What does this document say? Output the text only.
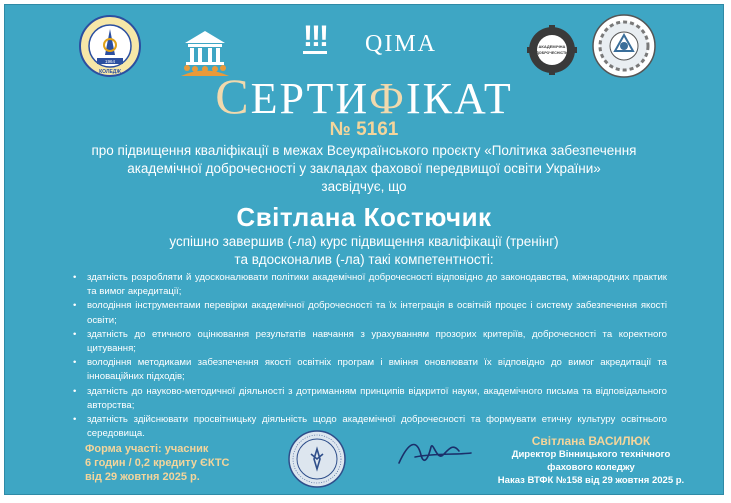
1964
КОЛЕДЖ
!!! QIMA	АКАДЕМІЧНА
ДОБРОЧЕСНІСТЬ
СЕРТИФІКАТ
№ 5161
про підвищення кваліфікації в межах Всеукраїнського проєкту «Політика забезпечення
академічної доброчесності у закладах фахової передвищої освіти України»
засвідчує, що
Світлана Костючик
успішно завершив (-ла) курс підвищення кваліфікації (тренінг)
та вдосконалив (-ла) такі компетентності:
• здатність розробляти й удосконалювати політики академічної доброчесності відповідно до законодавства, міжнародних практик та вимог акредитації;
• володіння інструментами перевірки академічної доброчесності та їх інтеграція в освітній процес і систему забезпечення якості освіти;
• здатність до етичного оцінювання результатів навчання з урахуванням прозорих критеріїв, доброчесності та коректного цитування;
• володіння методиками забезпечення якості освітніх програм і вміння оновлювати їх відповідно до вимог акредитації та інноваційних підходів;
• здатність до науково-методичної діяльності з дотриманням принципів відкритої науки, академічного письма та відповідального авторства;
• здатність здійснювати просвітницьку діяльність щодо академічної доброчесності та формувати етичну культуру освітнього середовища.
Форма участі: учасник
6 годин / 0,2 кредиту ЄКТС
від 29 жовтня 2025 р.
Світлана ВАСИЛЮК
Директор Вінницького технічного
фахового коледжу
Наказ ВТФК №158 від 29 жовтня 2025 р.
